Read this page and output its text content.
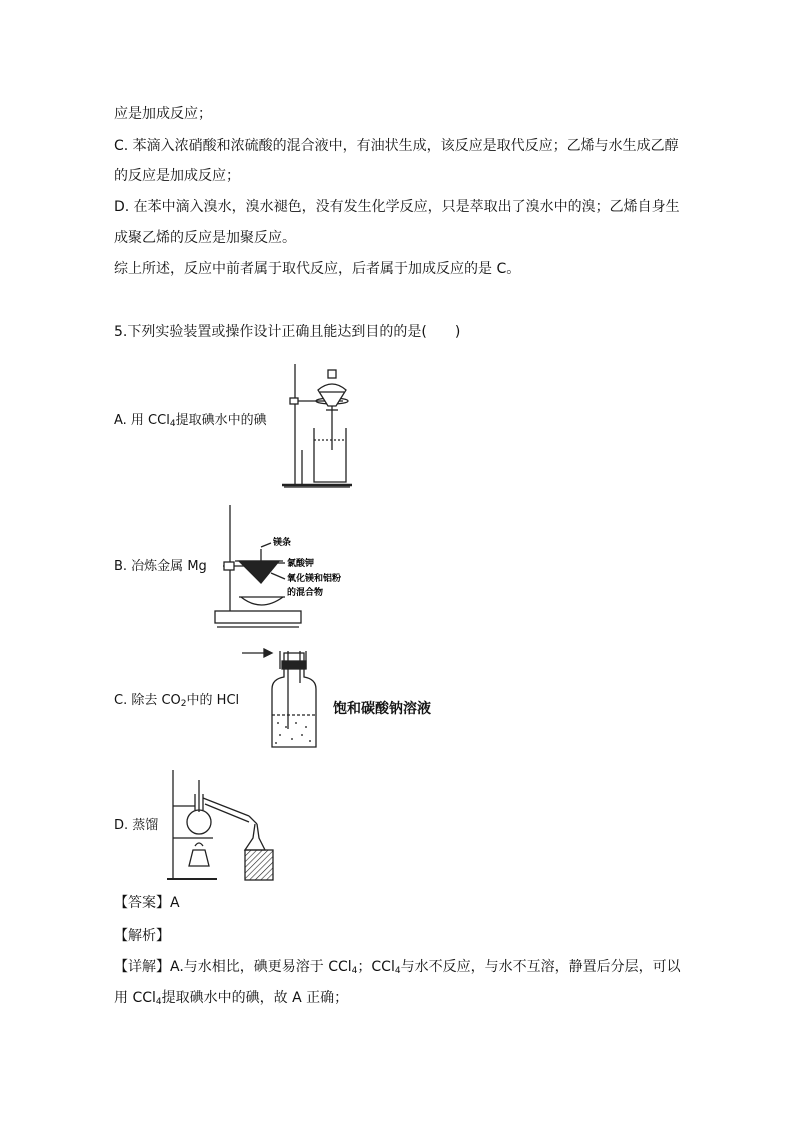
应是加成反应；
C. 苯滴入浓硝酸和浓硫酸的混合液中，有油状生成，该反应是取代反应；乙烯与水生成乙醇
的反应是加成反应；
D. 在苯中滴入溴水，溴水褪色，没有发生化学反应，只是萃取出了溴水中的溴；乙烯自身生
成聚乙烯的反应是加聚反应。
综上所述，反应中前者属于取代反应，后者属于加成反应的是 C。
5.下列实验装置或操作设计正确且能达到目的的是(　　)
A. 用 CCl$_4$提取碘水中的碘
B. 冶炼金属 Mg
镁条
氯酸钾
氧化镁和铝粉
的混合物
C. 除去 $CO_2$中的 HCl
饱和碳酸钠溶液
D. 蒸馏
【答案】A
【解析】
【详解】A.与水相比，碘更易溶于 CCl$_4$；CCl$_4$与水不反应，与水不互溶，静置后分层，可以
用 CCl$_4$提取碘水中的碘，故 A 正确；
